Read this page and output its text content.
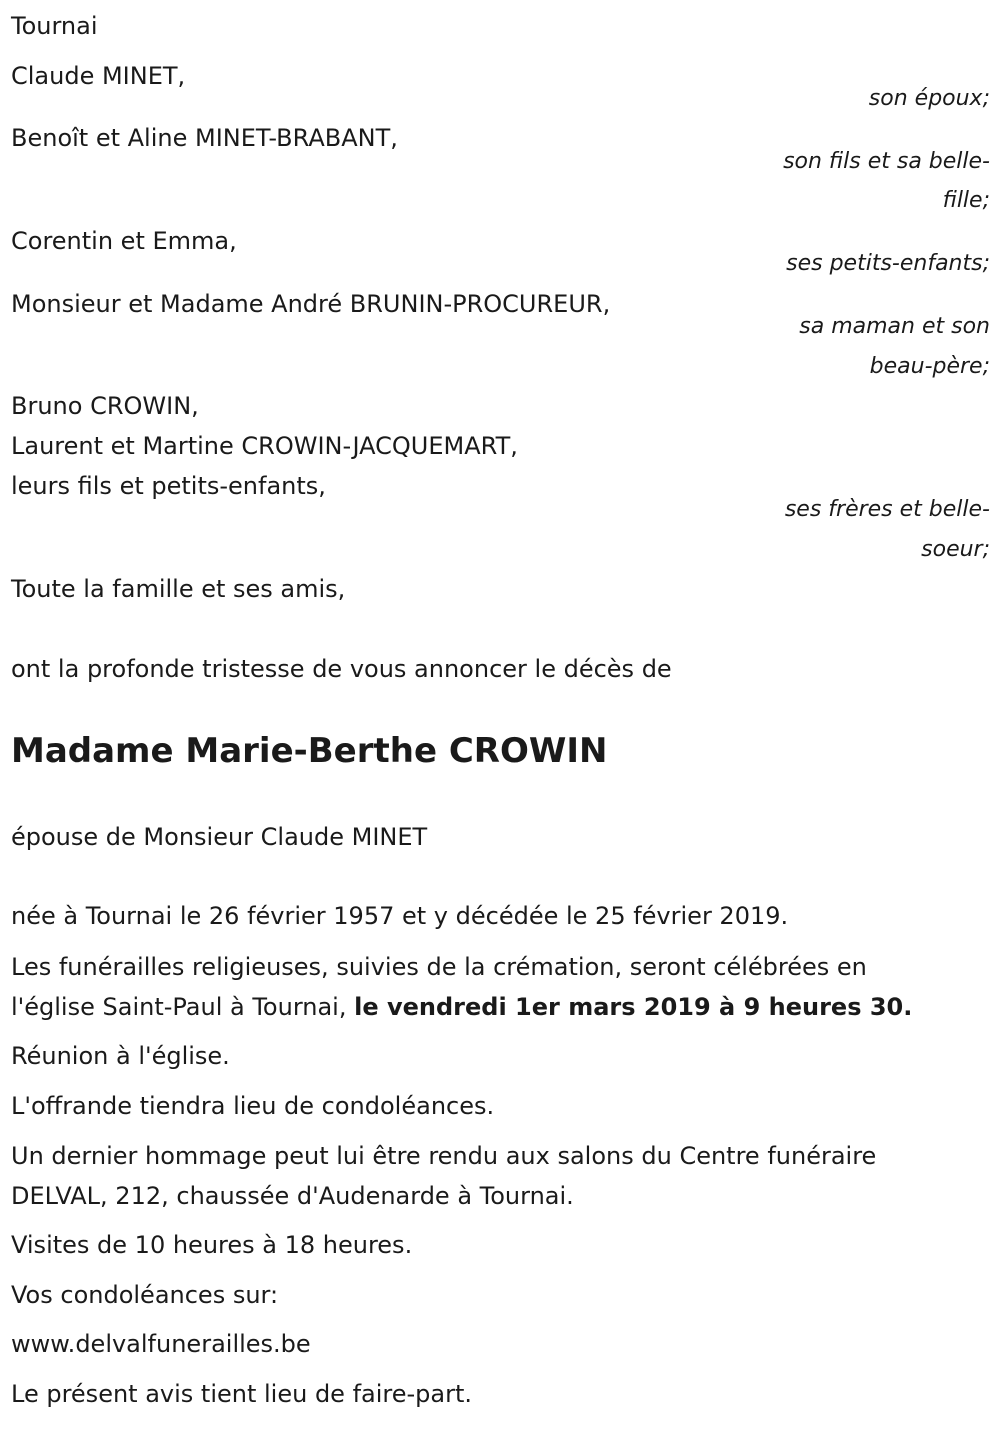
Tournai
Claude MINET,
son époux;
Benoît et Aline MINET-BRABANT,
son fils et sa belle-
fille;
Corentin et Emma,
ses petits-enfants;
Monsieur et Madame André BRUNIN-PROCUREUR,
sa maman et son
beau-père;
Bruno CROWIN,
Laurent et Martine CROWIN-JACQUEMART,
leurs fils et petits-enfants,
ses frères et belle-
soeur;
Toute la famille et ses amis,
ont la profonde tristesse de vous annoncer le décès de
Madame Marie-Berthe CROWIN
épouse de Monsieur Claude MINET
née à Tournai le 26 février 1957 et y décédée le 25 février 2019.
Les funérailles religieuses, suivies de la crémation, seront célébrées en
l'église Saint-Paul à Tournai, le vendredi 1er mars 2019 à 9 heures 30.
Réunion à l'église.
L'offrande tiendra lieu de condoléances.
Un dernier hommage peut lui être rendu aux salons du Centre funéraire
DELVAL, 212, chaussée d'Audenarde à Tournai.
Visites de 10 heures à 18 heures.
Vos condoléances sur:
www.delvalfunerailles.be
Le présent avis tient lieu de faire-part.
